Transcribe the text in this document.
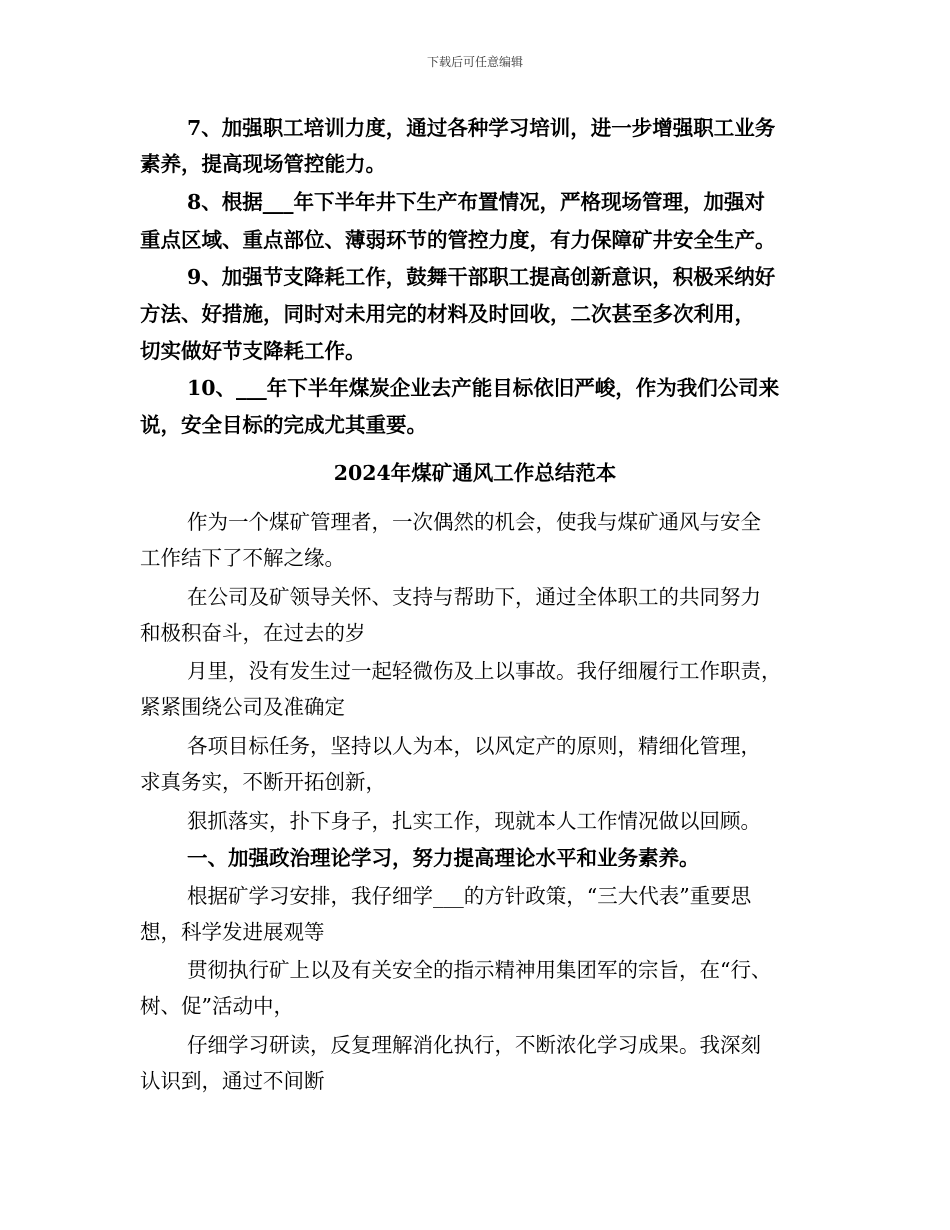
下载后可任意编辑
7、加强职工培训力度，通过各种学习培训，进一步增强职工业务
素养，提高现场管控能力。
8、根据___年下半年井下生产布置情况，严格现场管理，加强对
重点区域、重点部位、薄弱环节的管控力度，有力保障矿井安全生产。
9、加强节支降耗工作，鼓舞干部职工提高创新意识，积极采纳好
方法、好措施，同时对未用完的材料及时回收，二次甚至多次利用，
切实做好节支降耗工作。
10、___年下半年煤炭企业去产能目标依旧严峻，作为我们公司来
说，安全目标的完成尤其重要。
2024年煤矿通风工作总结范本
作为一个煤矿管理者，一次偶然的机会，使我与煤矿通风与安全
工作结下了不解之缘。
在公司及矿领导关怀、支持与帮助下，通过全体职工的共同努力
和极积奋斗，在过去的岁
月里，没有发生过一起轻微伤及上以事故。我仔细履行工作职责，
紧紧围绕公司及准确定
各项目标任务，坚持以人为本，以风定产的原则，精细化管理，
求真务实，不断开拓创新，
狠抓落实，扑下身子，扎实工作，现就本人工作情况做以回顾。
一、加强政治理论学习，努力提高理论水平和业务素养。
根据矿学习安排，我仔细学___的方针政策，“三大代表”重要思
想，科学发进展观等
贯彻执行矿上以及有关安全的指示精神用集团军的宗旨，在“行、
树、促”活动中，
仔细学习研读，反复理解消化执行，不断浓化学习成果。我深刻
认识到，通过不间断
